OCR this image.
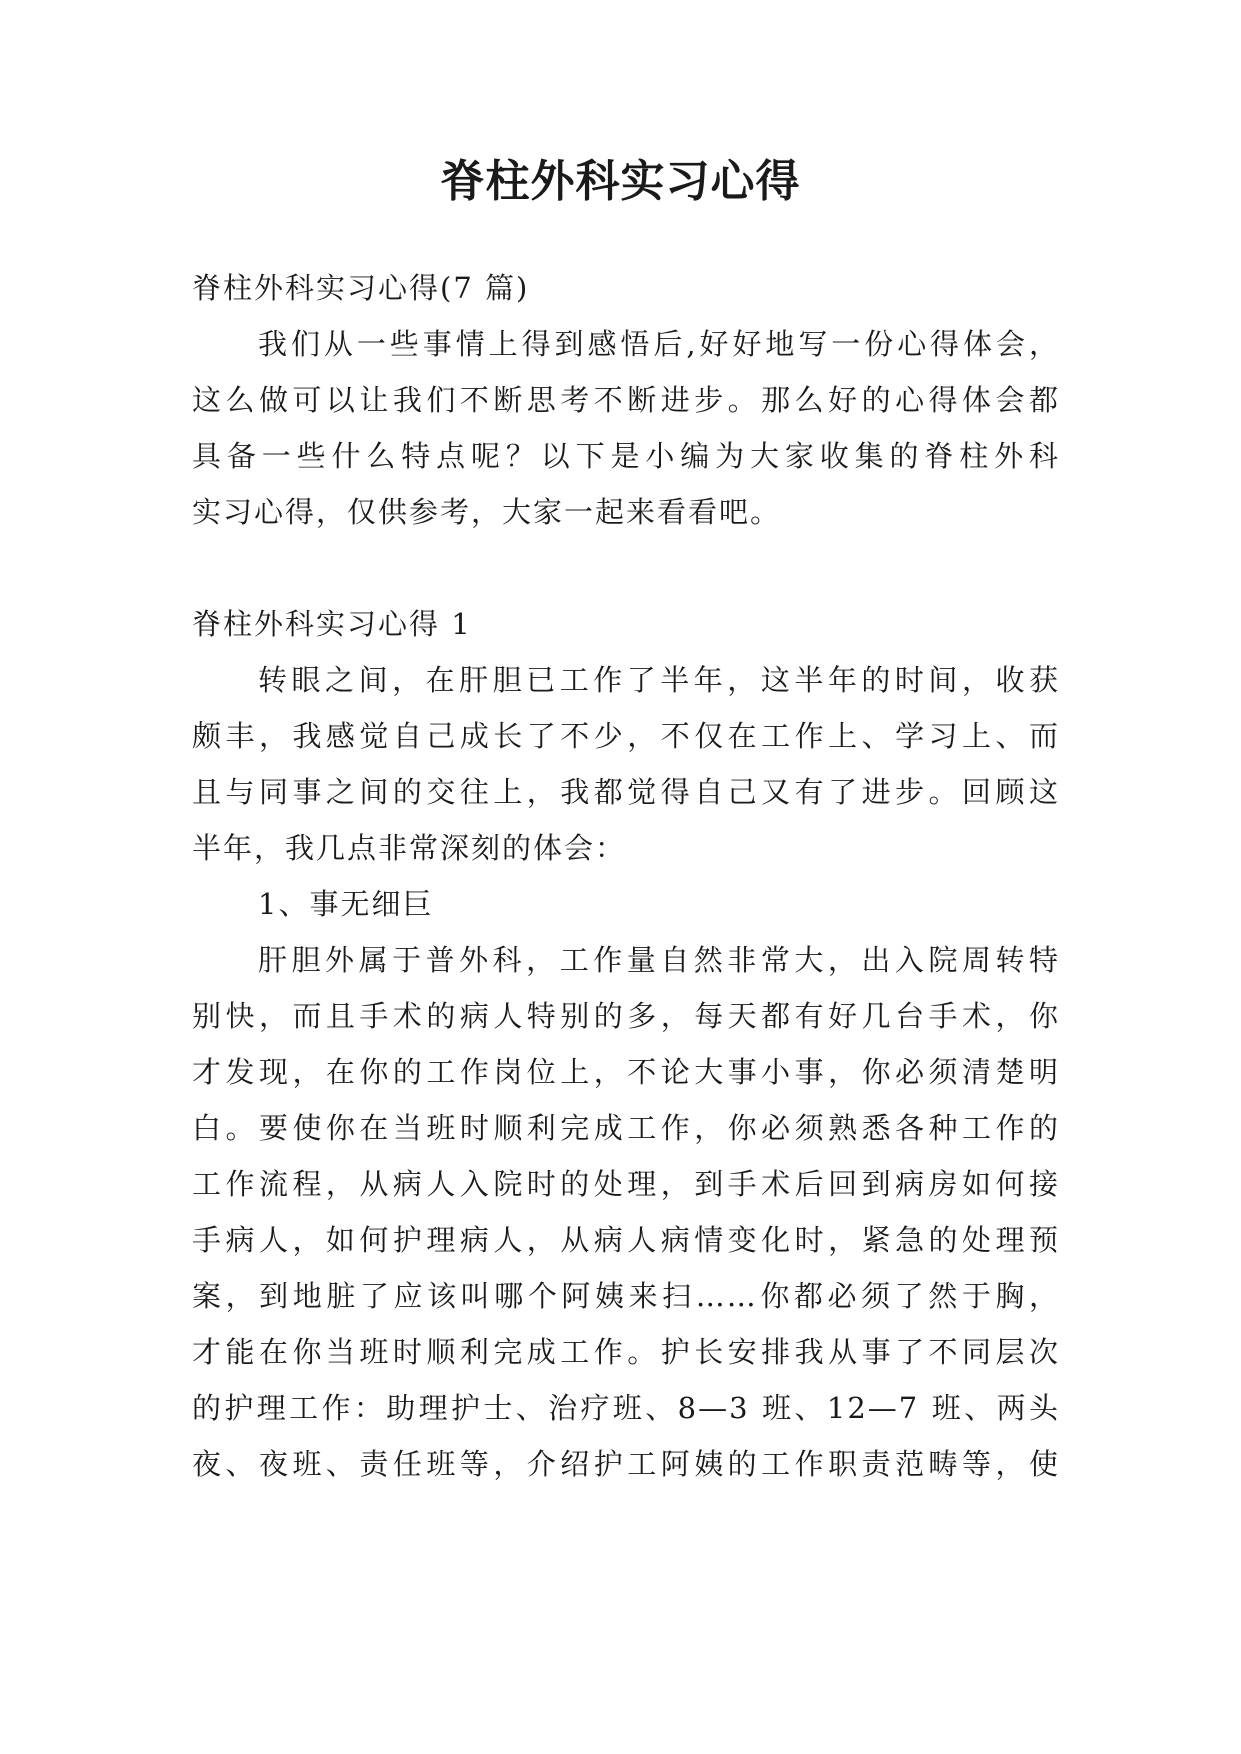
脊柱外科实习心得
脊柱外科实习心得(7 篇)
我们从一些事情上得到感悟后,好好地写一份心得体会，
这么做可以让我们不断思考不断进步。那么好的心得体会都
具备一些什么特点呢？以下是小编为大家收集的脊柱外科
实习心得，仅供参考，大家一起来看看吧。
脊柱外科实习心得 1
转眼之间，在肝胆已工作了半年，这半年的时间，收获
颇丰，我感觉自己成长了不少，不仅在工作上、学习上、而
且与同事之间的交往上，我都觉得自己又有了进步。回顾这
半年，我几点非常深刻的体会：
1、事无细巨
肝胆外属于普外科，工作量自然非常大，出入院周转特
别快，而且手术的病人特别的多，每天都有好几台手术，你
才发现，在你的工作岗位上，不论大事小事，你必须清楚明
白。要使你在当班时顺利完成工作，你必须熟悉各种工作的
工作流程，从病人入院时的处理，到手术后回到病房如何接
手病人，如何护理病人，从病人病情变化时，紧急的处理预
案，到地脏了应该叫哪个阿姨来扫……你都必须了然于胸，
才能在你当班时顺利完成工作。护长安排我从事了不同层次
的护理工作：助理护士、治疗班、8—3 班、12—7 班、两头
夜、夜班、责任班等，介绍护工阿姨的工作职责范畴等，使
